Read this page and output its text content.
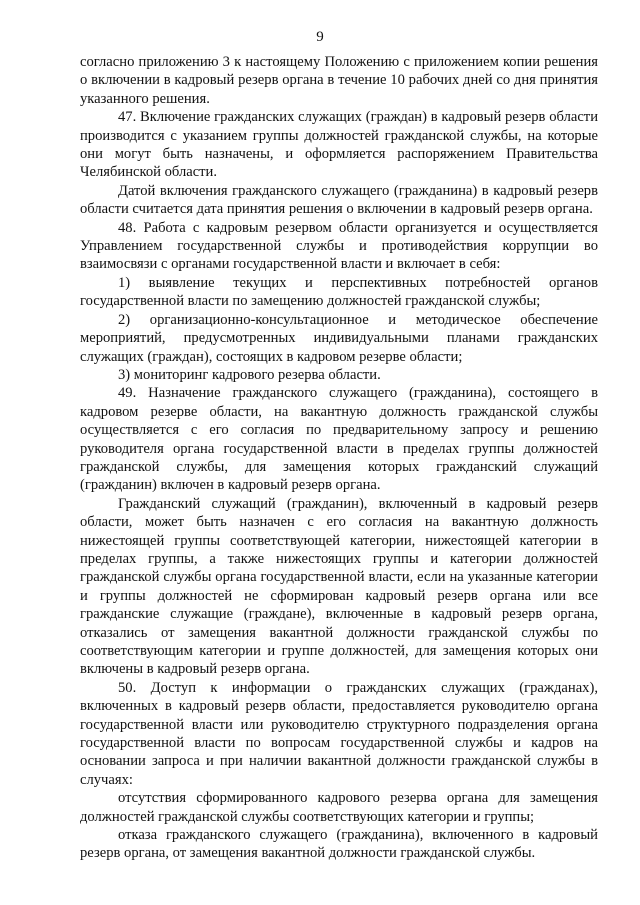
9

согласно приложению 3 к настоящему Положению с приложением копии решения о включении в кадровый резерв органа в течение 10 рабочих дней со дня принятия указанного решения.

47. Включение гражданских служащих (граждан) в кадровый резерв области производится с указанием группы должностей гражданской службы, на которые они могут быть назначены, и оформляется распоряжением Правительства Челябинской области.

Датой включения гражданского служащего (гражданина) в кадровый резерв области считается дата принятия решения о включении в кадровый резерв органа.

48. Работа с кадровым резервом области организуется и осуществляется Управлением государственной службы и противодействия коррупции во взаимосвязи с органами государственной власти и включает в себя:

1) выявление текущих и перспективных потребностей органов государственной власти по замещению должностей гражданской службы;

2) организационно-консультационное и методическое обеспечение мероприятий, предусмотренных индивидуальными планами гражданских служащих (граждан), состоящих в кадровом резерве области;

3) мониторинг кадрового резерва области.

49. Назначение гражданского служащего (гражданина), состоящего в кадровом резерве области, на вакантную должность гражданской службы осуществляется с его согласия по предварительному запросу и решению руководителя органа государственной власти в пределах группы должностей гражданской службы, для замещения которых гражданский служащий (гражданин) включен в кадровый резерв органа.

Гражданский служащий (гражданин), включенный в кадровый резерв области, может быть назначен с его согласия на вакантную должность нижестоящей группы соответствующей категории, нижестоящей категории в пределах группы, а также нижестоящих группы и категории должностей гражданской службы органа государственной власти, если на указанные категории и группы должностей не сформирован кадровый резерв органа или все гражданские служащие (граждане), включенные в кадровый резерв органа, отказались от замещения вакантной должности гражданской службы по соответствующим категории и группе должностей, для замещения которых они включены в кадровый резерв органа.

50. Доступ к информации о гражданских служащих (гражданах), включенных в кадровый резерв области, предоставляется руководителю органа государственной власти или руководителю структурного подразделения органа государственной власти по вопросам государственной службы и кадров на основании запроса и при наличии вакантной должности гражданской службы в случаях:

отсутствия сформированного кадрового резерва органа для замещения должностей гражданской службы соответствующих категории и группы;

отказа гражданского служащего (гражданина), включенного в кадровый резерв органа, от замещения вакантной должности гражданской службы.
